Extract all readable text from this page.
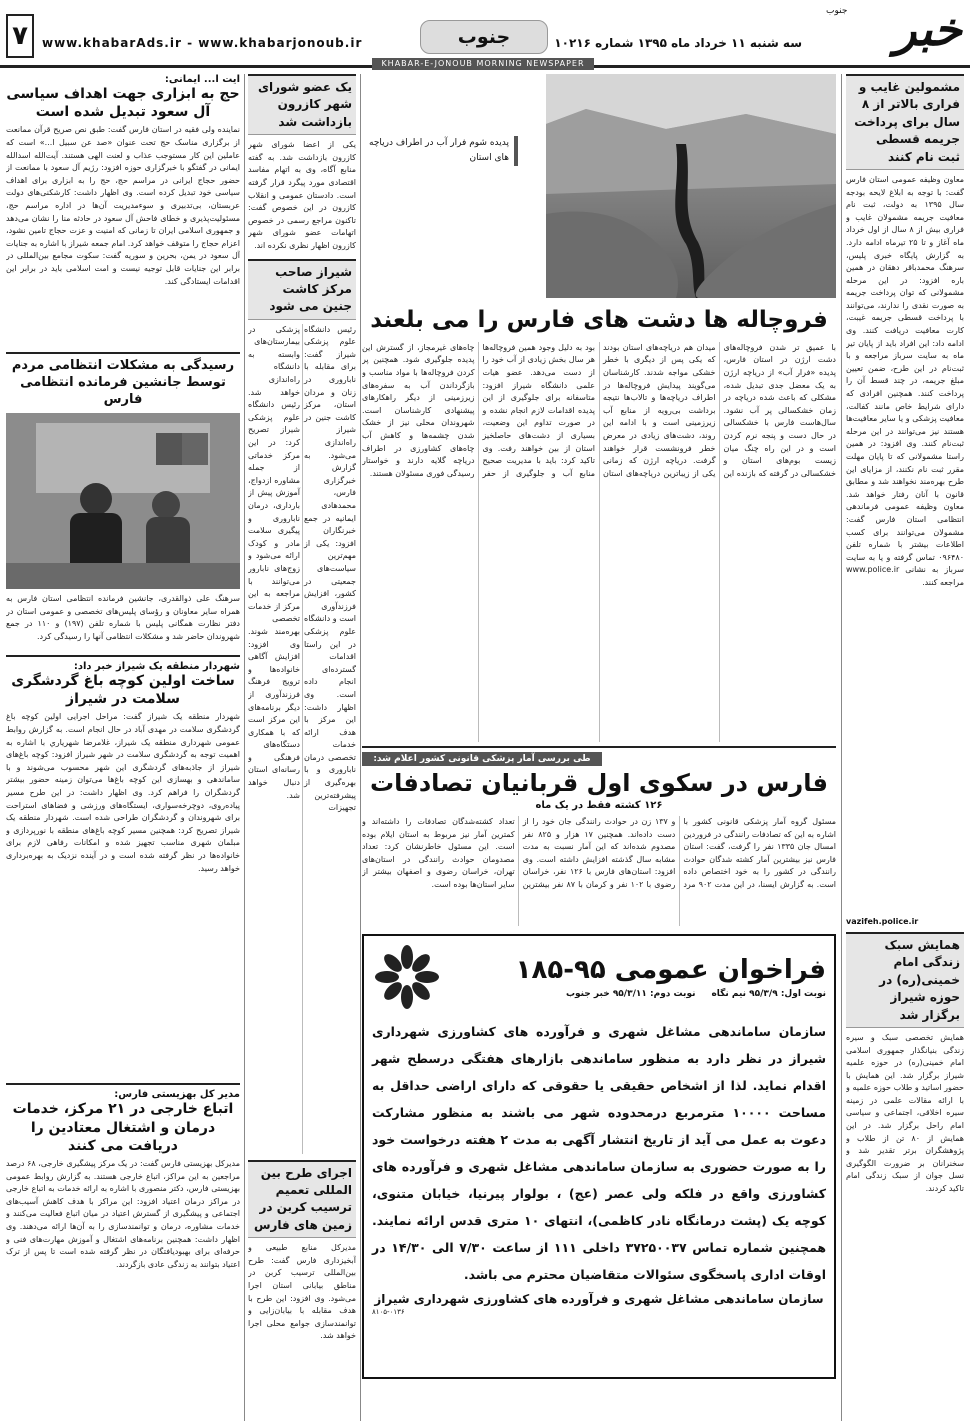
خبر
جنوب
سه شنبه ۱۱ خرداد ماه ۱۳۹۵ شماره ۱۰۲۱۶
جنوب
www.khabarAds.ir - www.khabarjonoub.ir
۷
KHABAR-E-JONOUB MORNING NEWSPAPER
مشمولین غایب و فراری بالاتر از ۸ سال برای پرداخت جریمه قسطی ثبت نام کنند
معاون وظیفه عمومی استان فارس گفت: با توجه به ابلاغ لایحه بودجه سال ۱۳۹۵ به دولت، ثبت نام معافیت جریمه مشمولان غایب و فراری بیش از ۸ سال از اول خرداد ماه آغاز و تا ۲۵ تیرماه ادامه دارد. به گزارش پایگاه خبری پلیس، سرهنگ محمدباقر دهقان در همین باره افزود: در این مرحله مشمولانی که توان پرداخت جریمه به صورت نقدی را ندارند، می‌توانند با پرداخت قسطی جریمه غیبت، کارت معافیت دریافت کنند. وی ادامه داد: این افراد باید از پایان تیر ماه به سایت سرباز مراجعه و با ثبت‌نام در این طرح، ضمن تعیین مبلغ جریمه، در چند قسط آن را پرداخت کنند. همچنین افرادی که دارای شرایط خاص مانند کفالت، معافیت پزشکی و یا سایر معافیت‌ها هستند نیز می‌توانند در این مرحله ثبت‌نام کنند. وی افزود: در همین راستا مشمولانی که تا پایان مهلت مقرر ثبت نام نکنند، از مزایای این طرح بهره‌مند نخواهند شد و مطابق قانون با آنان رفتار خواهد شد. معاون وظیفه عمومی فرماندهی انتظامی استان فارس گفت: مشمولان می‌توانند برای کسب اطلاعات بیشتر با شماره تلفن ۰۹۶۴۸۰ تماس گرفته و یا به سایت سرباز به نشانی www.police.ir مراجعه کنند.
vazifeh.police.ir
همایش سبک زندگی امام خمینی(ره) در حوزه شیراز برگزار شد
همایش تخصصی سبک و سیره زندگی بنیانگذار جمهوری اسلامی امام خمینی(ره) در حوزه علمیه شیراز برگزار شد. این همایش با حضور اساتید و طلاب حوزه علمیه و با ارائه مقالات علمی در زمینه سیره اخلاقی، اجتماعی و سیاسی امام راحل برگزار شد. در این همایش از ۸۰ تن از طلاب و پژوهشگران برتر تقدیر شد و سخنرانان بر ضرورت الگوگیری نسل جوان از سبک زندگی امام تاکید کردند.
پدیده شوم فرار آب در اطراف دریاچه های استان
فروچاله ها دشت های فارس را می بلعند
با عمیق تر شدن فروچاله‌های دشت ارژن در استان فارس، پدیده «فرار آب» از دریاچه ارژن به یک معضل جدی تبدیل شده، مشکلی که باعث شده دریاچه در زمان خشکسالی پر آب نشود. سال‌هاست فارس با خشکسالی در حال دست و پنجه نرم کردن است و در این راه چنگ میان زیست بوم‌های استان و خشکسالی در گرفته که بازنده این میدان هم دریاچه‌های استان بودند که یکی پس از دیگری با خطر خشکی مواجه شدند. کارشناسان می‌گویند پیدایش فروچاله‌ها در اطراف دریاچه‌ها و تالاب‌ها نتیجه برداشت بی‌رویه از منابع آب زیرزمینی است و با ادامه این روند، دشت‌های زیادی در معرض خطر فرونشست قرار خواهند گرفت. دریاچه ارژن که زمانی یکی از زیباترین دریاچه‌های استان بود به دلیل وجود همین فروچاله‌ها هر سال بخش زیادی از آب خود را از دست می‌دهد. عضو هیات علمی دانشگاه شیراز افزود: متاسفانه برای جلوگیری از این پدیده اقدامات لازم انجام نشده و در صورت تداوم این وضعیت، بسیاری از دشت‌های حاصلخیز استان از بین خواهند رفت. وی تاکید کرد: باید با مدیریت صحیح منابع آب و جلوگیری از حفر چاه‌های غیرمجاز، از گسترش این پدیده جلوگیری شود. همچنین پر کردن فروچاله‌ها با مواد مناسب و بازگرداندن آب به سفره‌های زیرزمینی از دیگر راهکارهای پیشنهادی کارشناسان است. شهروندان محلی نیز از خشک شدن چشمه‌ها و کاهش آب چاه‌های کشاورزی در اطراف دریاچه گلایه دارند و خواستار رسیدگی فوری مسئولان هستند.
طی بررسی آمار پزشکی قانونی کشور اعلام شد:
فارس در سکوی اول قربانیان تصادفات
۱۲۶ کشته فقط در یک ماه
مسئول گروه آمار پزشکی قانونی کشور با اشاره به این که تصادفات رانندگی در فروردین امسال جان ۱۳۳۵ نفر را گرفت، گفت: استان فارس نیز بیشترین آمار کشته شدگان حوادث رانندگی در کشور را به خود اختصاص داده است. به گزارش ایسنا، در این مدت ۹۰۲ مرد و ۱۳۷ زن در حوادث رانندگی جان خود را از دست داده‌اند. همچنین ۱۷ هزار و ۸۲۵ نفر مصدوم شده‌اند که این آمار نسبت به مدت مشابه سال گذشته افزایش داشته است. وی افزود: استان‌های فارس با ۱۲۶ نفر، خراسان رضوی با ۱۰۲ نفر و کرمان با ۸۷ نفر بیشترین تعداد کشته‌شدگان تصادفات را داشته‌اند و کمترین آمار نیز مربوط به استان ایلام بوده است. این مسئول خاطرنشان کرد: تعداد مصدومان حوادث رانندگی در استان‌های تهران، خراسان رضوی و اصفهان بیشتر از سایر استان‌ها بوده است.
فراخوان عمومی ۹۵-۱۸۵
نوبت اول: ۹۵/۳/۹ نیم نگاه
نوبت دوم: ۹۵/۳/۱۱ خبر جنوب
سازمان ساماندهی مشاغل شهری و فرآورده های کشاورزی شهرداری شیراز در نظر دارد به منظور ساماندهی بازارهای هفتگی درسطح شهر اقدام نماید. لذا از اشخاص حقیقی یا حقوقی که دارای اراضی حداقل به مساحت ۱۰۰۰۰ مترمربع درمحدوده شهر می باشند به منظور مشارکت دعوت به عمل می آید از تاریخ انتشار آگهی به مدت ۲ هفته درخواست خود را به صورت حضوری به سازمان ساماندهی مشاغل شهری و فرآورده های کشاورزی واقع در فلکه ولی عصر (عج) ، بولوار پیرنیا، خیابان متنوی، کوچه یک (پشت درمانگاه نادر کاظمی)، انتهای ۱۰ متری قدس ارائه نمایند. همچنین شماره تماس ۳۷۲۵۰۰۳۷ داخلی ۱۱۱ از ساعت ۷/۳۰ الی ۱۴/۳۰ در اوقات اداری پاسخگوی سئوالات متقاضیان محترم می باشد.
سازمان ساماندهی مشاغل شهری و فرآورده های کشاورزی شهرداری شیراز
۸۱۰۵-۰۱۳۶
یک عضو شورای شهر کازرون بازداشت شد
یکی از اعضا شورای شهر کازرون بازداشت شد. به گفته منابع آگاه، وی به اتهام مفاسد اقتصادی مورد پیگرد قرار گرفته است. دادستان عمومی و انقلاب کازرون در این خصوص گفت: تاکنون مراجع رسمی در خصوص اتهامات عضو شورای شهر کازرون اظهار نظری نکرده اند.
شیراز صاحب مرکز کاشت جنین می شود
رئیس دانشگاه علوم پزشکی شیراز گفت: برای مقابله با ناباروری در زنان و مردان استان، مرکز کاشت جنین در شیراز راه‌اندازی می‌شود. به گزارش خبرگزاری فارس، محمدهادی ایمانیه در جمع خبرنگاران افزود: یکی از مهم‌ترین سیاست‌های جمعیتی در کشور، افزایش فرزندآوری است و دانشگاه علوم پزشکی در این راستا اقدامات گسترده‌ای انجام داده است. وی اظهار داشت: این مرکز با هدف ارائه خدمات تخصصی درمان ناباروری و با بهره‌گیری از پیشرفته‌ترین تجهیزات پزشکی در بیمارستان‌های وابسته به دانشگاه راه‌اندازی خواهد شد. رئیس دانشگاه علوم پزشکی شیراز تصریح کرد: در این مرکز خدماتی از جمله مشاوره ازدواج، آموزش پیش از بارداری، درمان ناباروری و پیگیری سلامت مادر و کودک ارائه می‌شود و زوج‌های نابارور می‌توانند با مراجعه به این مرکز از خدمات تخصصی بهره‌مند شوند. وی افزود: افزایش آگاهی خانواده‌ها و ترویج فرهنگ فرزندآوری از دیگر برنامه‌های این مرکز است که با همکاری دستگاه‌های فرهنگی و رسانه‌ای استان دنبال خواهد شد.
اجرای طرح بین المللی تعمیم ترسیب کربن در زمین های فارس
مدیرکل منابع طبیعی و آبخیزداری فارس گفت: طرح بین‌المللی ترسیب کربن در مناطق بیابانی استان اجرا می‌شود. وی افزود: این طرح با هدف مقابله با بیابان‌زایی و توانمندسازی جوامع محلی اجرا خواهد شد.
آیت ا... ایمانی:
حج به ابزاری جهت اهداف سیاسی آل سعود تبدیل شده است
نماینده ولی فقیه در استان فارس گفت: طبق نص صریح قرآن ممانعت از برگزاری مناسک حج تحت عنوان «صد عن سبیل ا...» است که عاملین این کار مستوجب عذاب و لعنت الهی هستند. آیت‌الله اسدالله ایمانی در گفتگو با خبرگزاری حوزه افزود: رژیم آل سعود با ممانعت از حضور حجاج ایرانی در مراسم حج، حج را به ابزاری برای اهداف سیاسی خود تبدیل کرده است. وی اظهار داشت: کارشکنی‌های دولت عربستان، بی‌تدبیری و سوءمدیریت آن‌ها در اداره مراسم حج، مسئولیت‌پذیری و خطای فاحش آل سعود در حادثه منا را نشان می‌دهد و جمهوری اسلامی ایران تا زمانی که امنیت و عزت حجاج تامین نشود، اعزام حجاج را متوقف خواهد کرد. امام جمعه شیراز با اشاره به جنایات آل سعود در یمن، بحرین و سوریه گفت: سکوت مجامع بین‌المللی در برابر این جنایات قابل توجیه نیست و امت اسلامی باید در برابر این اقدامات ایستادگی کند.
رسیدگی به مشکلات انتظامی مردم توسط جانشین فرمانده انتظامی فارس
سرهنگ علی ذوالقدری، جانشین فرمانده انتظامی استان فارس به همراه سایر معاونان و رؤسای پلیس‌های تخصصی و عمومی استان در دفتر نظارت همگانی پلیس با شماره تلفن (۱۹۷) و ۱۱۰ در جمع شهروندان حاضر شد و مشکلات انتظامی آنها را رسیدگی کرد.
شهردار منطقه یک شیراز خبر داد:
ساخت اولین کوچه باغ گردشگری سلامت در شیراز
شهردار منطقه یک شیراز گفت: مراحل اجرایی اولین کوچه باغ گردشگری سلامت در مهدی آباد در حال انجام است. به گزارش روابط عمومی شهرداری منطقه یک شیراز، غلامرضا شهرياري با اشاره به اهمیت توجه به گردشگری سلامت در شهر شیراز افزود: کوچه باغ‌های شیراز از جاذبه‌های گردشگری این شهر محسوب می‌شوند و با ساماندهی و بهسازی این کوچه باغ‌ها می‌توان زمینه حضور بیشتر گردشگران را فراهم کرد. وی اظهار داشت: در این طرح مسیر پیاده‌روی، دوچرخه‌سواری، ایستگاه‌های ورزشی و فضاهای استراحت برای شهروندان و گردشگران طراحی شده است. شهردار منطقه یک شیراز تصریح کرد: همچنین مسیر کوچه باغ‌های منطقه با نورپردازی و مبلمان شهری مناسب تجهیز شده و امکانات رفاهی لازم برای خانواده‌ها در نظر گرفته شده است و در آینده نزدیک به بهره‌برداری خواهد رسید.
مدیر کل بهزیستی فارس:
اتباع خارجی در ۲۱ مرکز، خدمات درمان و اشتغال معتادین را دریافت می کنند
مدیرکل بهزیستی فارس گفت: در یک مرکز پیشگیری خارجی، ۶۸ درصد مراجعین به این مراکز، اتباع خارجی هستند. به گزارش روابط عمومی بهزیستی فارس، دکتر منصوری با اشاره به ارائه خدمات به اتباع خارجی در مراکز درمان اعتیاد افزود: این مراکز با هدف کاهش آسیب‌های اجتماعی و پیشگیری از گسترش اعتیاد در میان اتباع فعالیت می‌کنند و خدمات مشاوره، درمان و توانمندسازی را به آن‌ها ارائه می‌دهند. وی اظهار داشت: همچنین برنامه‌های اشتغال و آموزش مهارت‌های فنی و حرفه‌ای برای بهبودیافتگان در نظر گرفته شده است تا پس از ترک اعتیاد بتوانند به زندگی عادی بازگردند.
